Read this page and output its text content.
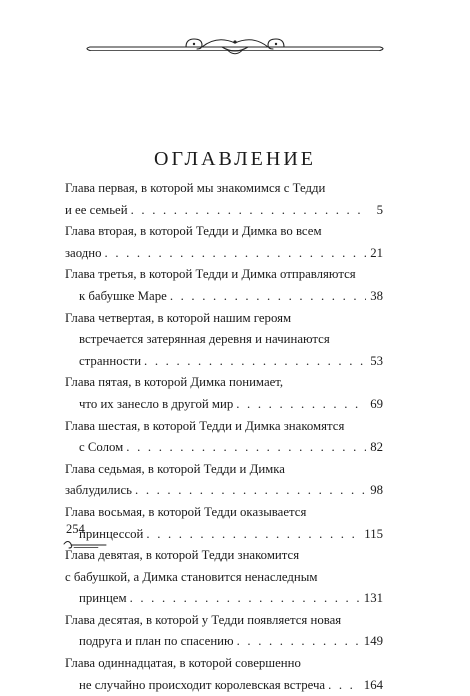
ОГЛАВЛЕНИЕ
Глава первая, в которой мы знакомимся с Тедди
и ее семьей . . .	5
Глава вторая, в которой Тедди и Димка во всем
заодно . . .	21
Глава третья, в которой Тедди и Димка отправляются
к бабушке Маре . . .	38
Глава четвертая, в которой нашим героям
встречается затерянная деревня и начинаются
странности . . .	53
Глава пятая, в которой Димка понимает,
что их занесло в другой мир . . .	69
Глава шестая, в которой Тедди и Димка знакомятся
с Солом . . .	82
Глава седьмая, в которой Тедди и Димка
заблудились . . .	98
Глава восьмая, в которой Тедди оказывается
принцессой . . .	115
Глава девятая, в которой Тедди знакомится
с бабушкой, а Димка становится ненаследным
принцем . . .	131
Глава десятая, в которой у Тедди появляется новая
подруга и план по спасению . . .	149
Глава одиннадцатая, в которой совершенно
не случайно происходит королевская встреча . . .	164
254
